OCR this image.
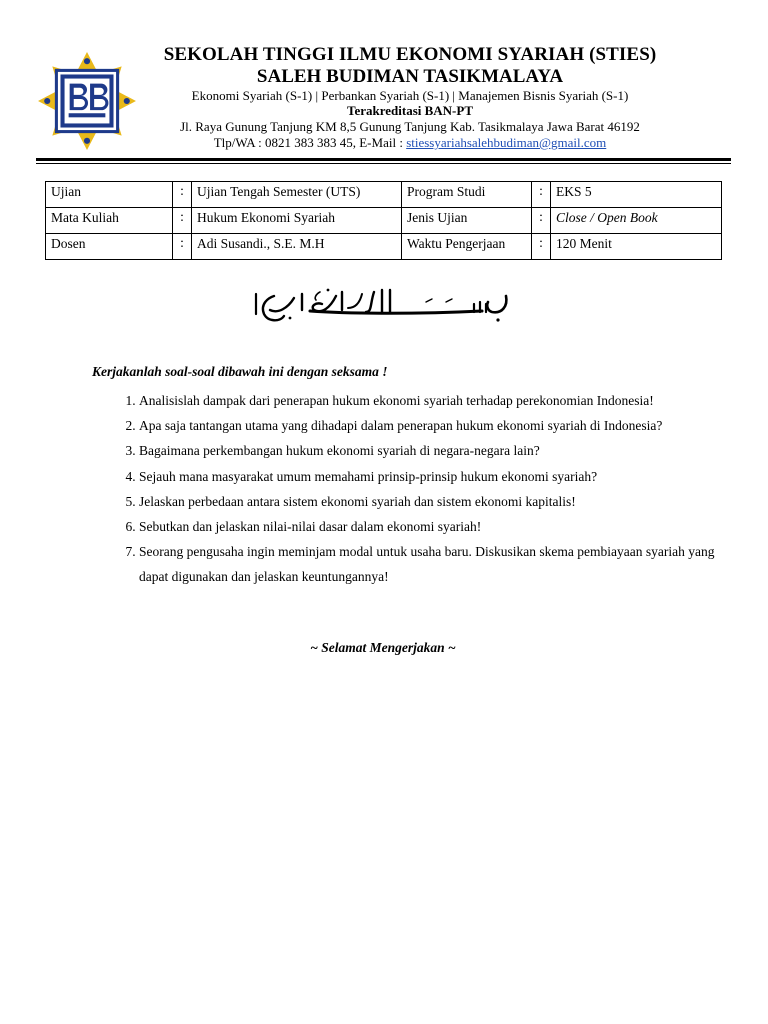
SEKOLAH TINGGI ILMU EKONOMI SYARIAH (STIES)
SALEH BUDIMAN TASIKMALAYA
Ekonomi Syariah (S-1) | Perbankan Syariah (S-1) | Manajemen Bisnis Syariah (S-1)
Terakreditasi BAN-PT
Jl. Raya Gunung Tanjung KM 8,5 Gunung Tanjung Kab. Tasikmalaya Jawa Barat 46192
Tlp/WA : 0821 383 383 45, E-Mail : stiessyariahsalehbudiman@gmail.com
Ujian	:	Ujian Tengah Semester (UTS)	Program Studi	:	EKS 5
Mata Kuliah	:	Hukum Ekonomi Syariah	Jenis Ujian	:	Close / Open Book
Dosen	:	Adi Susandi., S.E. M.H	Waktu Pengerjaan	:	120 Menit
Kerjakanlah soal-soal dibawah ini dengan seksama !
1. Analisislah dampak dari penerapan hukum ekonomi syariah terhadap perekonomian Indonesia!
2. Apa saja tantangan utama yang dihadapi dalam penerapan hukum ekonomi syariah di Indonesia?
3. Bagaimana perkembangan hukum ekonomi syariah di negara-negara lain?
4. Sejauh mana masyarakat umum memahami prinsip-prinsip hukum ekonomi syariah?
5. Jelaskan perbedaan antara sistem ekonomi syariah dan sistem ekonomi kapitalis!
6. Sebutkan dan jelaskan nilai-nilai dasar dalam ekonomi syariah!
7. Seorang pengusaha ingin meminjam modal untuk usaha baru. Diskusikan skema pembiayaan syariah yang dapat digunakan dan jelaskan keuntungannya!
~ Selamat Mengerjakan ~
